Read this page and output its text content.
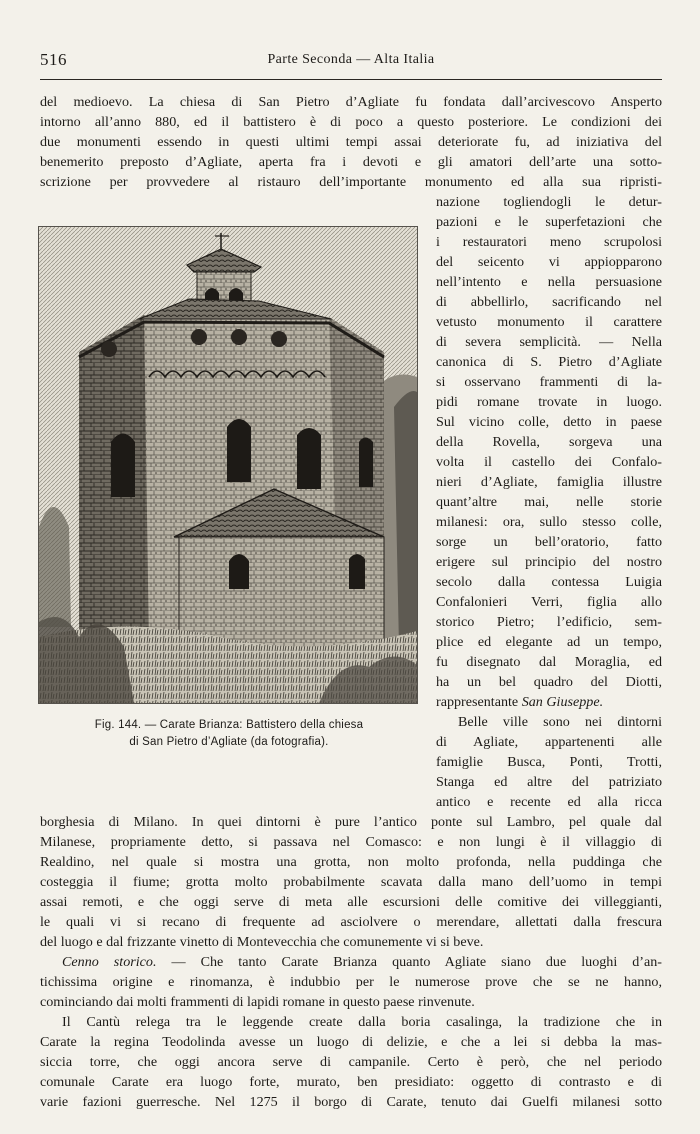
516	Parte Seconda — Alta Italia
del medioevo. La chiesa di San Pietro d’Agliate fu fondata dall’arcivescovo Ansperto
intorno all’anno 880, ed il battistero è di poco a questo posteriore. Le condizioni dei
due monumenti essendo in questi ultimi tempi assai deteriorate fu, ad iniziativa del
benemerito preposto d’Agliate, aperta fra i devoti e gli amatori dell’arte una sotto-
scrizione per provvedere al ristauro dell’importante monumento ed alla sua ripristi-
nazione togliendogli le detur-
pazioni e le superfetazioni che
i restauratori meno scrupolosi
del seicento vi appiopparono
nell’intento e nella persuasione
di abbellirlo, sacrificando nel
vetusto monumento il carattere
di severa semplicità. — Nella
canonica di S. Pietro d’Agliate
si osservano frammenti di la-
pidi romane trovate in luogo.
Sul vicino colle, detto in paese
della Rovella, sorgeva una
volta il castello dei Confalo-
nieri d’Agliate, famiglia illustre
quant’altre mai, nelle storie
milanesi: ora, sullo stesso colle,
sorge un bell’oratorio, fatto
erigere sul principio del nostro
secolo dalla contessa Luigia
Confalonieri Verri, figlia allo
storico Pietro; l’edificio, sem-
plice ed elegante ad un tempo,
fu disegnato dal Moraglia, ed
ha un bel quadro del Diotti,
rappresentante San Giuseppe.
Belle ville sono nei dintorni
di Agliate, appartenenti alle
famiglie Busca, Ponti, Trotti,
Stanga ed altre del patriziato
antico e recente ed alla ricca
Fig. 144. — Carate Brianza: Battistero della chiesa
di San Pietro d’Agliate (da fotografia).
borghesia di Milano. In quei dintorni è pure l’antico ponte sul Lambro, pel quale dal
Milanese, propriamente detto, si passava nel Comasco: e non lungi è il villaggio di
Realdino, nel quale si mostra una grotta, non molto profonda, nella puddinga che
costeggia il fiume; grotta molto probabilmente scavata dalla mano dell’uomo in tempi
assai remoti, e che oggi serve di meta alle escursioni delle comitive dei villeggianti,
le quali vi si recano di frequente ad asciolvere o merendare, allettati dalla frescura
del luogo e dal frizzante vinetto di Montevecchia che comunemente vi si beve.
Cenno storico. — Che tanto Carate Brianza quanto Agliate siano due luoghi d’an-
tichissima origine e rinomanza, è indubbio per le numerose prove che se ne hanno,
cominciando dai molti frammenti di lapidi romane in questo paese rinvenute.
Il Cantù relega tra le leggende create dalla boria casalinga, la tradizione che in
Carate la regina Teodolinda avesse un luogo di delizie, e che a lei si debba la mas-
siccia torre, che oggi ancora serve di campanile. Certo è però, che nel periodo
comunale Carate era luogo forte, murato, ben presidiato: oggetto di contrasto e di
varie fazioni guerresche. Nel 1275 il borgo di Carate, tenuto dai Guelfi milanesi sotto
